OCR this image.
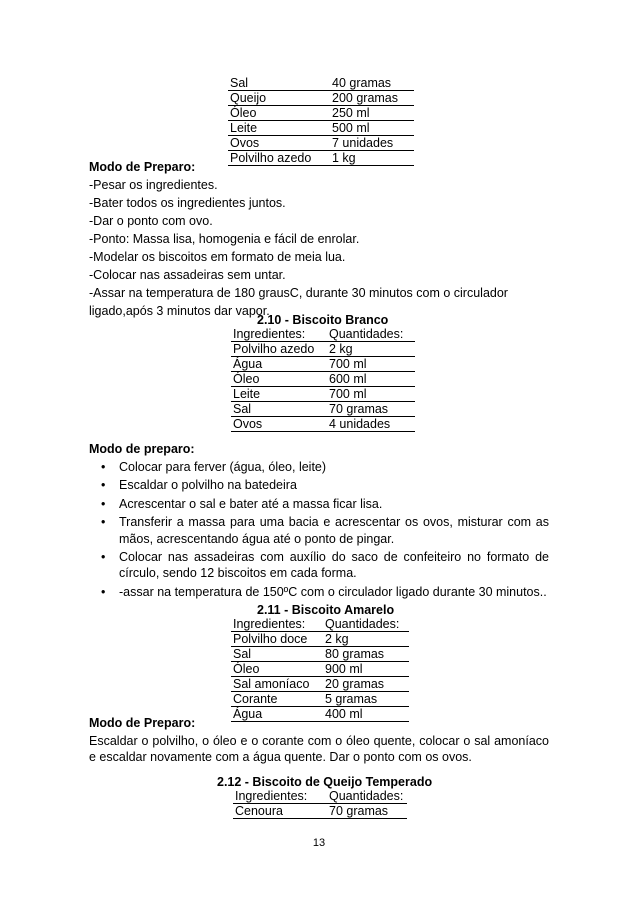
Sal	40 gramas
Queijo	200 gramas
Óleo	250 ml
Leite	500 ml
Ovos	7 unidades
Polvilho azedo	1 kg
Modo de Preparo:
-Pesar os ingredientes.
-Bater todos os ingredientes juntos.
-Dar o ponto com ovo.
-Ponto: Massa lisa, homogenia e fácil de enrolar.
-Modelar os biscoitos em formato de meia lua.
-Colocar nas assadeiras sem untar.
-Assar na temperatura de 180 grausC, durante 30 minutos com o circulador
ligado,após 3 minutos dar vapor.
2.10 - Biscoito Branco
Ingredientes:	Quantidades:
Polvilho azedo	2 kg
Água	700 ml
Óleo	600 ml
Leite	700 ml
Sal	70 gramas
Ovos	4 unidades
Modo de preparo:
• Colocar para ferver (água, óleo, leite)
• Escaldar o polvilho na batedeira
• Acrescentar o sal e bater até a massa ficar lisa.
• Transferir a massa para uma bacia e acrescentar os ovos, misturar com as mãos, acrescentando água até o ponto de pingar.
• Colocar nas assadeiras com auxílio do saco de confeiteiro no formato de círculo, sendo 12 biscoitos em cada forma.
• -assar na temperatura de 150ºC com o circulador ligado durante 30 minutos..
2.11 - Biscoito Amarelo
Ingredientes:	Quantidades:
Polvilho doce	2 kg
Sal	80 gramas
Óleo	900 ml
Sal amoníaco	20 gramas
Corante	5 gramas
Água	400 ml
Modo de Preparo:
Escaldar o polvilho, o óleo e o corante com o óleo quente, colocar o sal amoníaco e escaldar novamente com a água quente. Dar o ponto com os ovos.
2.12 - Biscoito de Queijo Temperado
Ingredientes:	Quantidades:
Cenoura	70 gramas
13
